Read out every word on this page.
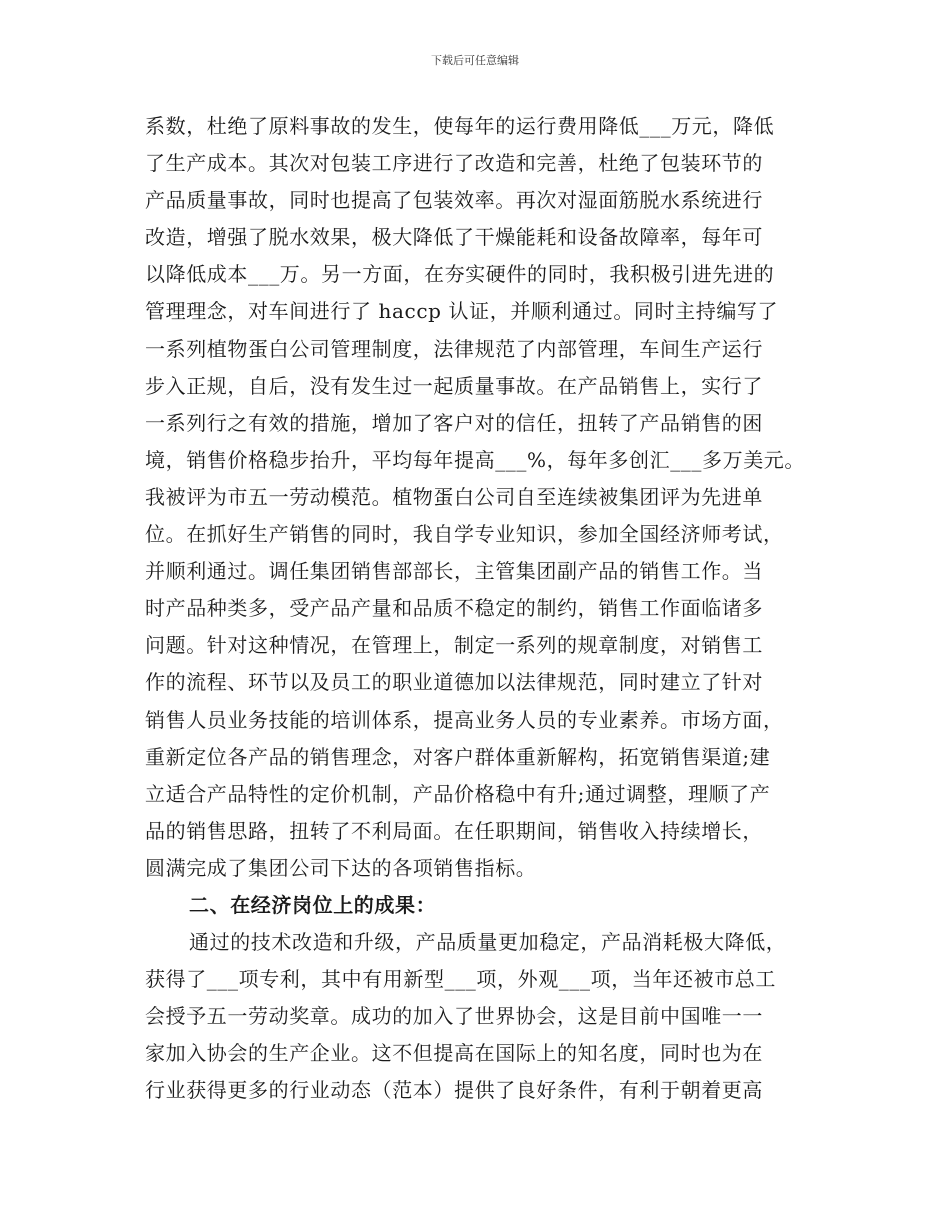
下载后可任意编辑
系数，杜绝了原料事故的发生，使每年的运行费用降低___万元，降低
了生产成本。其次对包装工序进行了改造和完善，杜绝了包装环节的
产品质量事故，同时也提高了包装效率。再次对湿面筋脱水系统进行
改造，增强了脱水效果，极大降低了干燥能耗和设备故障率，每年可
以降低成本___万。另一方面，在夯实硬件的同时，我积极引进先进的
管理理念，对车间进行了 haccp 认证，并顺利通过。同时主持编写了
一系列植物蛋白公司管理制度，法律规范了内部管理，车间生产运行
步入正规，自后，没有发生过一起质量事故。在产品销售上，实行了
一系列行之有效的措施，增加了客户对的信任，扭转了产品销售的困
境，销售价格稳步抬升，平均每年提高___%，每年多创汇___多万美元。
我被评为市五一劳动模范。植物蛋白公司自至连续被集团评为先进单
位。在抓好生产销售的同时，我自学专业知识，参加全国经济师考试，
并顺利通过。调任集团销售部部长，主管集团副产品的销售工作。当
时产品种类多，受产品产量和品质不稳定的制约，销售工作面临诸多
问题。针对这种情况，在管理上，制定一系列的规章制度，对销售工
作的流程、环节以及员工的职业道德加以法律规范，同时建立了针对
销售人员业务技能的培训体系，提高业务人员的专业素养。市场方面，
重新定位各产品的销售理念，对客户群体重新解构，拓宽销售渠道;建
立适合产品特性的定价机制，产品价格稳中有升;通过调整，理顺了产
品的销售思路，扭转了不利局面。在任职期间，销售收入持续增长，
圆满完成了集团公司下达的各项销售指标。
二、在经济岗位上的成果：
通过的技术改造和升级，产品质量更加稳定，产品消耗极大降低，
获得了___项专利，其中有用新型___项，外观___项，当年还被市总工
会授予五一劳动奖章。成功的加入了世界协会，这是目前中国唯一一
家加入协会的生产企业。这不但提高在国际上的知名度，同时也为在
行业获得更多的行业动态（范本）提供了良好条件，有利于朝着更高
